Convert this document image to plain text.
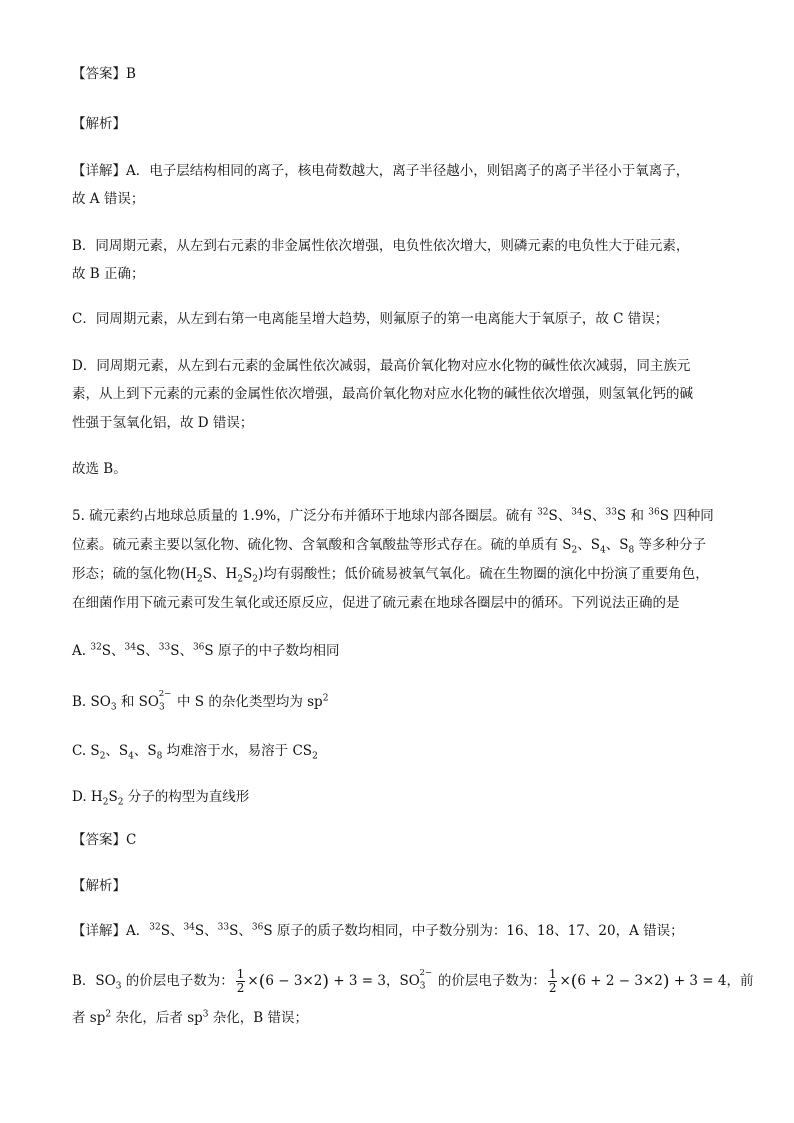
【答案】B
【解析】
【详解】A．电子层结构相同的离子，核电荷数越大，离子半径越小，则铝离子的离子半径小于氧离子，
故 A 错误；
B．同周期元素，从左到右元素的非金属性依次增强，电负性依次增大，则磷元素的电负性大于硅元素，
故 B 正确；
C．同周期元素，从左到右第一电离能呈增大趋势，则氟原子的第一电离能大于氧原子，故 C 错误；
D．同周期元素，从左到右元素的金属性依次减弱，最高价氧化物对应水化物的碱性依次减弱，同主族元
素，从上到下元素的元素的金属性依次增强，最高价氧化物对应水化物的碱性依次增强，则氢氧化钙的碱
性强于氢氧化铝，故 D 错误；
故选 B。
5. 硫元素约占地球总质量的 1.9%，广泛分布并循环于地球内部各圈层。硫有 $^{32}$S、$^{34}$S、$^{33}$S 和 $^{36}$S 四种同
位素。硫元素主要以氢化物、硫化物、含氧酸和含氧酸盐等形式存在。硫的单质有 $S_2$、$S_4$、$S_8$ 等多种分子
形态；硫的氢化物($H_2S$、$H_2S_2$)均有弱酸性；低价硫易被氧气氧化。硫在生物圈的演化中扮演了重要角色，
在细菌作用下硫元素可发生氧化或还原反应，促进了硫元素在地球各圈层中的循环。下列说法正确的是
A. $^{32}$S、$^{34}$S、$^{33}$S、$^{36}$S 原子的中子数均相同
B. $SO_3$ 和 $SO_3$
2− 中 S 的杂化类型均为 $sp^2$
C. $S_2$、$S_4$、$S_8$ 均难溶于水，易溶于 $CS_2$
D. $H_2S_2$ 分子的构型为直线形
【答案】C
【解析】
【详解】A．$^{32}$S、$^{34}$S、$^{33}$S、$^{36}$S 原子的质子数均相同，中子数分别为：16、18、17、20，A 错误；
B．$SO_3$ 的价层电子数为： $\frac{1}{2} \times(6 - 3\times 2) + 3 = 3$，$SO_3$
2− 的价层电子数为： $\frac{1}{2} \times(6 + 2 - 3\times 2) + 3 = 4$，前
者 $sp^2$ 杂化，后者 $sp^3$ 杂化，B 错误；
